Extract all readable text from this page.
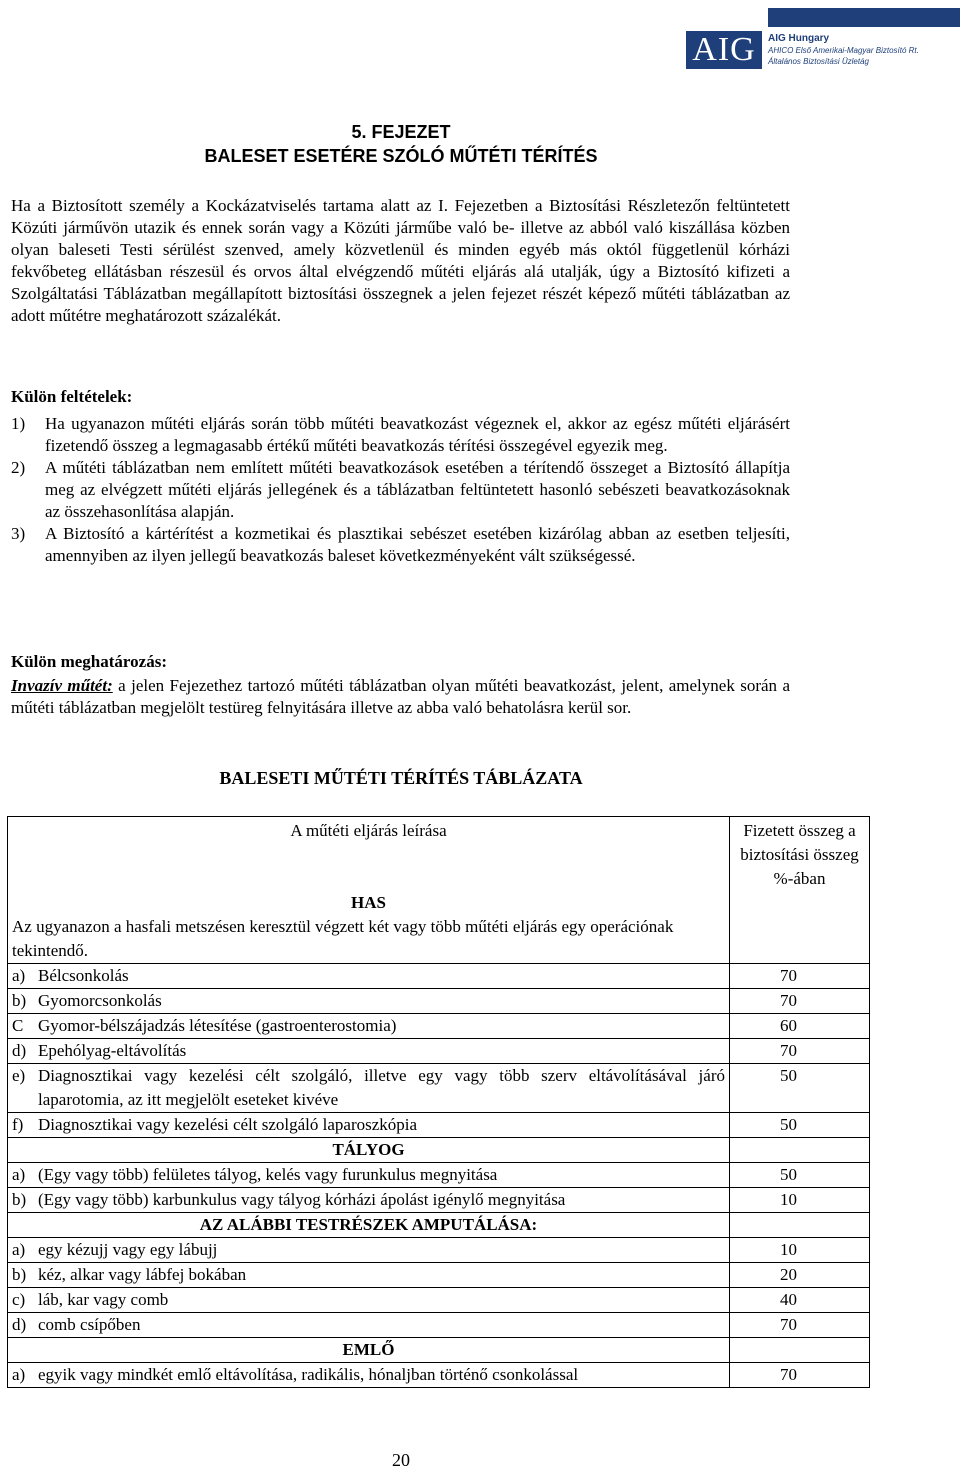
AIG	AIG Hungary
AHICO Első Amerikai-Magyar Biztosító Rt.
Általános Biztosítási Üzletág
5. FEJEZET
BALESET ESETÉRE SZÓLÓ MŰTÉTI TÉRÍTÉS
Ha a Biztosított személy a Kockázatviselés tartama alatt az I. Fejezetben a Biztosítási Részletezőn feltüntetett Közúti járművön utazik és ennek során vagy a Közúti járműbe való be- illetve az abból való kiszállása közben olyan baleseti Testi sérülést szenved, amely közvetlenül és minden egyéb más októl függetlenül kórházi fekvőbeteg ellátásban részesül és orvos által elvégzendő műtéti eljárás alá utalják, úgy a Biztosító kifizeti a Szolgáltatási Táblázatban megállapított biztosítási összegnek a jelen fejezet részét képező műtéti táblázatban az adott műtétre meghatározott százalékát.
Külön feltételek:
1) Ha ugyanazon műtéti eljárás során több műtéti beavatkozást végeznek el, akkor az egész műtéti eljárásért fizetendő összeg a legmagasabb értékű műtéti beavatkozás térítési összegével egyezik meg.
2) A műtéti táblázatban nem említett műtéti beavatkozások esetében a térítendő összeget a Biztosító állapítja meg az elvégzett műtéti eljárás jellegének és a táblázatban feltüntetett hasonló sebészeti beavatkozásoknak az összehasonlítása alapján.
3) A Biztosító a kártérítést a kozmetikai és plasztikai sebészet esetében kizárólag abban az esetben teljesíti, amennyiben az ilyen jellegű beavatkozás baleset következményeként vált szükségessé.
Külön meghatározás:
Invazív műtét: a jelen Fejezethez tartozó műtéti táblázatban olyan műtéti beavatkozást, jelent, amelynek során a műtéti táblázatban megjelölt testüreg felnyitására illetve az abba való behatolásra kerül sor.
BALESETI MŰTÉTI TÉRÍTÉS TÁBLÁZATA
A műtéti eljárás leírása	Fizetett összeg a biztosítási összeg %-ában

HAS
Az ugyanazon a hasfali metszésen keresztül végzett két vagy több műtéti eljárás egy operációnak tekintendő.	

a) Bélcsonkolás	70

b) Gyomorcsonkolás	70

C Gyomor-bélszájadzás létesítése (gastroenterostomia)	60

d) Epehólyag-eltávolítás	70

e) Diagnosztikai vagy kezelési célt szolgáló, illetve egy vagy több szerv eltávolításával járó laparotomia, az itt megjelölt eseteket kivéve	50

f) Diagnosztikai vagy kezelési célt szolgáló laparoszkópia	50
TÁLYOG	

a) (Egy vagy több) felületes tályog, kelés vagy furunkulus megnyitása	50

b) (Egy vagy több) karbunkulus vagy tályog kórházi ápolást igénylő megnyitása	10
AZ ALÁBBI TESTRÉSZEK AMPUTÁLÁSA:	

a) egy kézujj vagy egy lábujj	10

b) kéz, alkar vagy lábfej bokában	20

c) láb, kar vagy comb	40

d) comb csípőben	70
EMLŐ	

a) egyik vagy mindkét emlő eltávolítása, radikális, hónaljban történő csonkolással	70
20
